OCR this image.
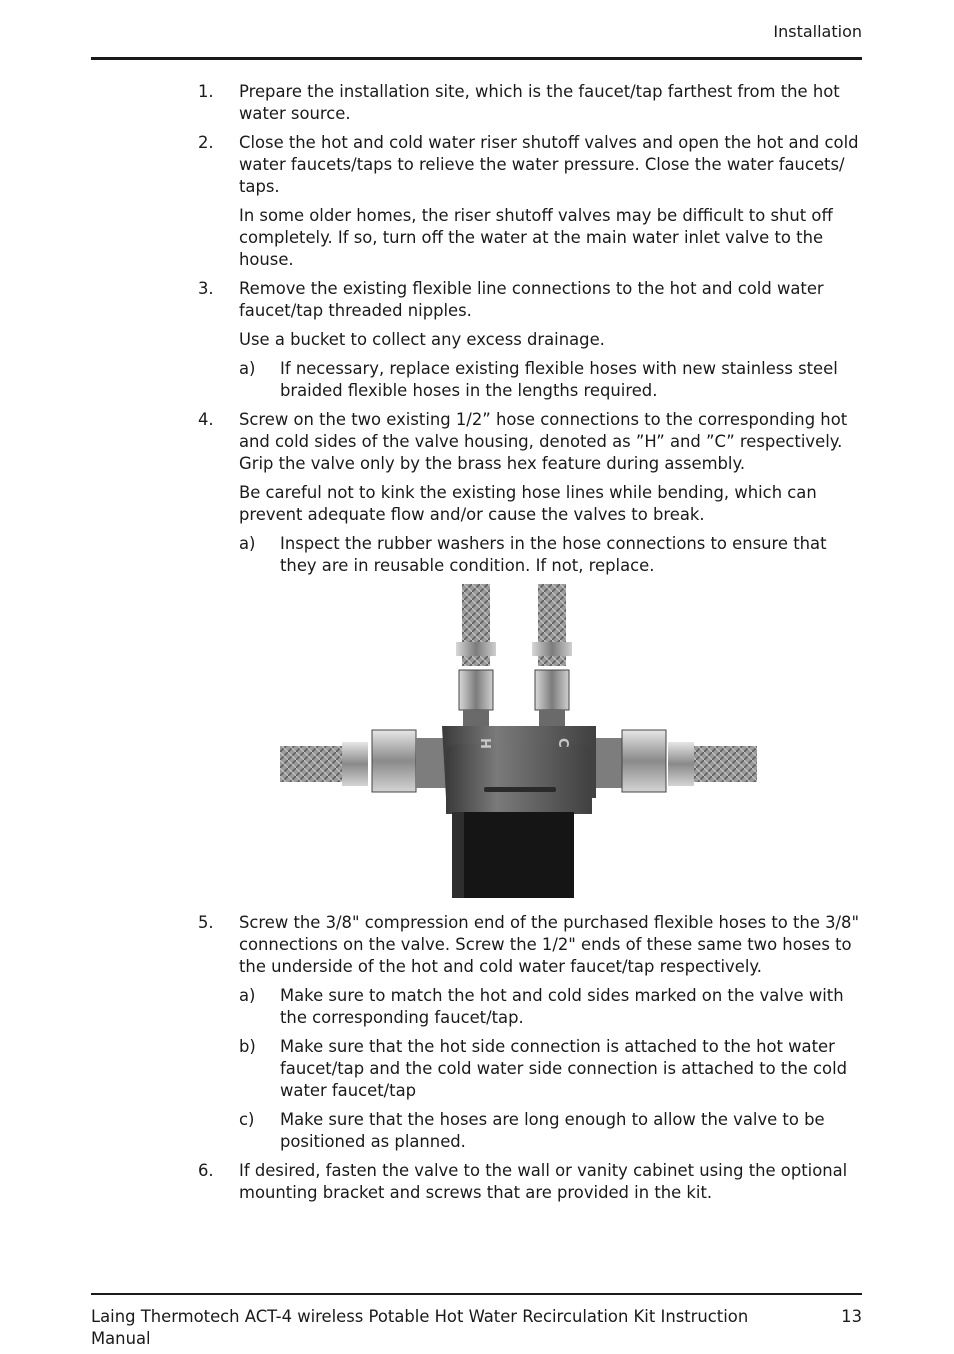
Installation
1.	Prepare the installation site, which is the faucet/tap farthest from the hot water source.
2.	Close the hot and cold water riser shutoff valves and open the hot and cold water faucets/taps to relieve the water pressure. Close the water faucets/ taps.
In some older homes, the riser shutoff valves may be difficult to shut off completely. If so, turn off the water at the main water inlet valve to the house.
3.	Remove the existing flexible line connections to the hot and cold water faucet/tap threaded nipples.
Use a bucket to collect any excess drainage.
a)	If necessary, replace existing flexible hoses with new stainless steel braided flexible hoses in the lengths required.
4.	Screw on the two existing 1/2” hose connections to the corresponding hot and cold sides of the valve housing, denoted as ”H” and ”C” respectively. Grip the valve only by the brass hex feature during assembly.
Be careful not to kink the existing hose lines while bending, which can prevent adequate flow and/or cause the valves to break.
a)	Inspect the rubber washers in the hose connections to ensure that they are in reusable condition. If not, replace.
H	C
5.	Screw the 3/8" compression end of the purchased flexible hoses to the 3/8" connections on the valve. Screw the 1/2" ends of these same two hoses to the underside of the hot and cold water faucet/tap respectively.
a)	Make sure to match the hot and cold sides marked on the valve with the corresponding faucet/tap.
b)	Make sure that the hot side connection is attached to the hot water faucet/tap and the cold water side connection is attached to the cold water faucet/tap
c)	Make sure that the hoses are long enough to allow the valve to be positioned as planned.
6.	If desired, fasten the valve to the wall or vanity cabinet using the optional mounting bracket and screws that are provided in the kit.
Laing Thermotech ACT-4 wireless Potable Hot Water Recirculation Kit Instruction Manual
13
